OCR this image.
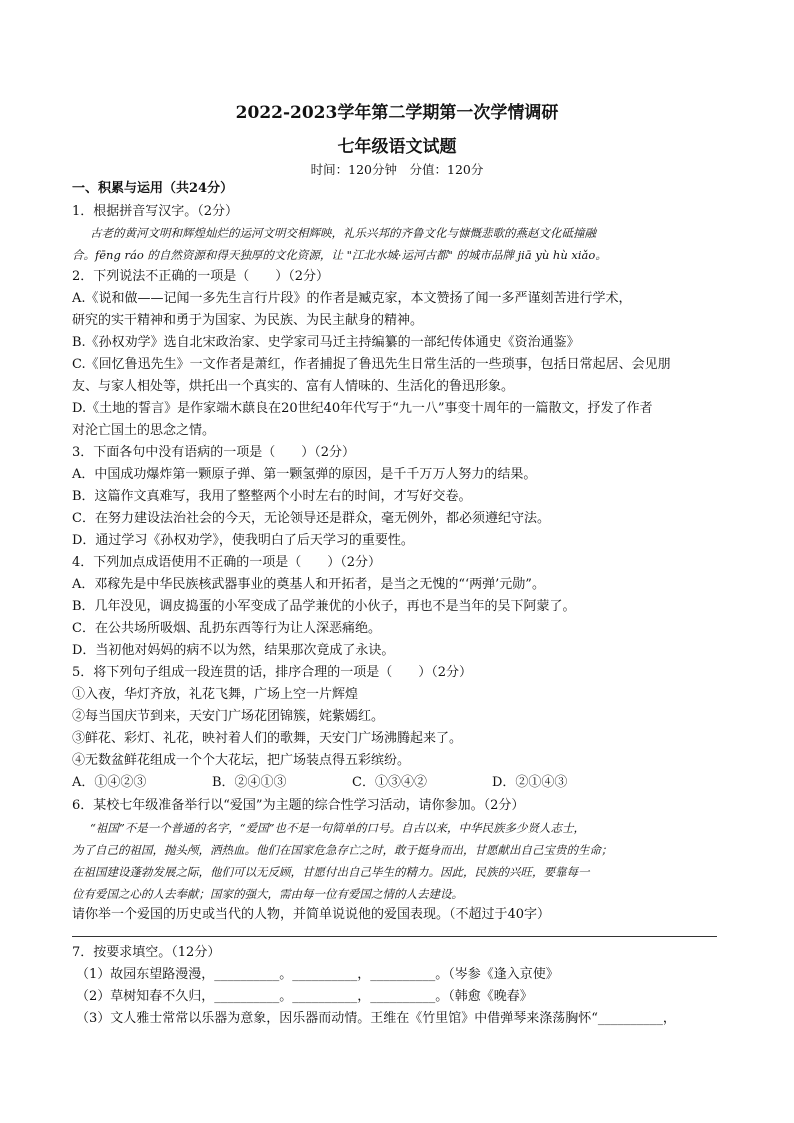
2022-2023学年第二学期第一次学情调研
七年级语文试题
时间：120分钟　分值：120分
一、积累与运用（共24分）
1．根据拼音写汉字。（2分）
古老的黄河文明和辉煌灿烂的运河文明交相辉映，礼乐兴邦的齐鲁文化与慷慨悲歌的燕赵文化砥撞融
合。fēng ráo 的自然资源和得天独厚的文化资源，让 "江北水城·运河古都" 的城市品牌 jiā yù hù xiǎo。
2．下列说法不正确的一项是（　　）（2分）
A.《说和做——记闻一多先生言行片段》的作者是臧克家，本文赞扬了闻一多严谨刻苦进行学术，
研究的实干精神和勇于为国家、为民族、为民主献身的精神。
B.《孙权劝学》选自北宋政治家、史学家司马迁主持编纂的一部纪传体通史《资治通鉴》
C.《回忆鲁迅先生》一文作者是萧红，作者捕捉了鲁迅先生日常生活的一些琐事，包括日常起居、会见朋
友、与家人相处等，烘托出一个真实的、富有人情味的、生活化的鲁迅形象。
D.《土地的誓言》是作家端木蕻良在20世纪40年代写于“九一八”事变十周年的一篇散文，抒发了作者
对沦亡国土的思念之情。
3．下面各句中没有语病的一项是（　　）（2分）
A．中国成功爆炸第一颗原子弹、第一颗氢弹的原因，是千千万万人努力的结果。
B．这篇作文真难写，我用了整整两个小时左右的时间，才写好交卷。
C．在努力建设法治社会的今天，无论领导还是群众，毫无例外，都必须遵纪守法。
D．通过学习《孙权劝学》，使我明白了后天学习的重要性。
4．下列加点成语使用不正确的一项是（　　）（2分）
A．邓稼先是中华民族核武器事业的奠基人和开拓者，是当之无愧的“‘两弹’元勋”。
B．几年没见，调皮捣蛋的小军变成了品学兼优的小伙子，再也不是当年的吴下阿蒙了。
C．在公共场所吸烟、乱扔东西等行为让人深恶痛绝。
D．当初他对妈妈的病不以为然，结果那次竟成了永诀。
5．将下列句子组成一段连贯的话，排序合理的一项是（　　）（2分）
①入夜，华灯齐放，礼花飞舞，广场上空一片辉煌
②每当国庆节到来，天安门广场花团锦簇，姹紫嫣红。
③鲜花、彩灯、礼花，映衬着人们的歌舞，天安门广场沸腾起来了。
④无数盆鲜花组成一个个大花坛，把广场装点得五彩缤纷。
A．①④②③	B．②④①③	C．①③④②	D．②①④③
6．某校七年级准备举行以“爱国”为主题的综合性学习活动，请你参加。（2分）
“祖国”不是一个普通的名字，“爱国”也不是一句简单的口号。自古以来，中华民族多少贤人志士，
为了自己的祖国，抛头颅，洒热血。他们在国家危急存亡之时，敢于挺身而出，甘愿献出自己宝贵的生命；
在祖国建设蓬勃发展之际，他们可以无反顾，甘愿付出自己毕生的精力。因此，民族的兴旺，要靠每一
位有爱国之心的人去奉献；国家的强大，需由每一位有爱国之情的人去建设。
请你举一个爱国的历史或当代的人物，并简单说说他的爱国表现。（不超过于40字）
7．按要求填空。（12分）
（1）故园东望路漫漫，__________。__________，__________。（岑参《逢入京使》
（2）草树知春不久归，__________。__________，__________。（韩愈《晚春》
（3）文人雅士常常以乐器为意象，因乐器而动情。王维在《竹里馆》中借弹琴来涤荡胸怀“__________，
